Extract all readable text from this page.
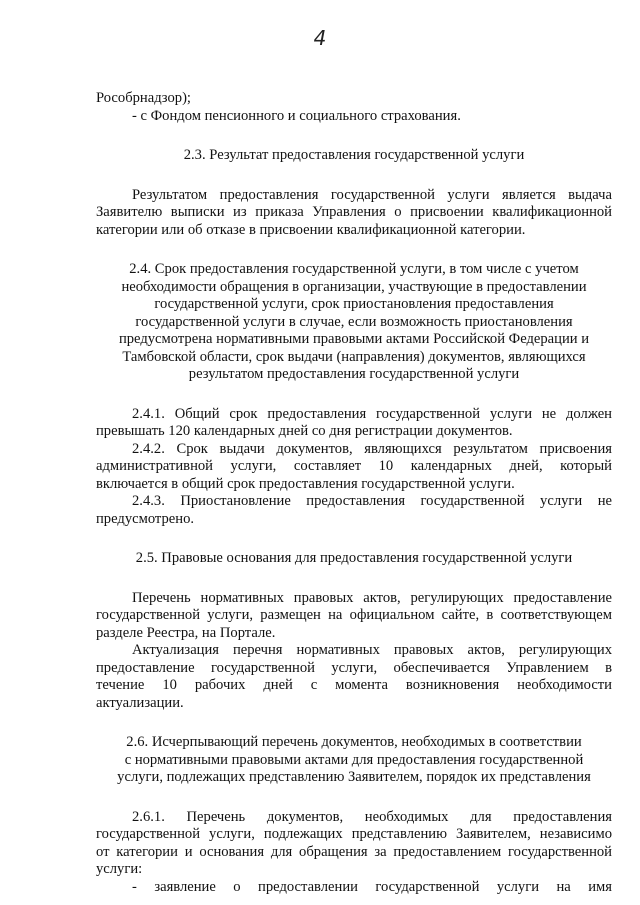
4

Рособрнадзор);

- с Фондом пенсионного и социального страхования.

2.3. Результат предоставления государственной услуги

Результатом предоставления государственной услуги является выдача

Заявителю выписки из приказа Управления о присвоении квалификационной

категории или об отказе в присвоении квалификационной категории.

2.4. Срок предоставления государственной услуги, в том числе с учетом
необходимости обращения в организации, участвующие в предоставлении
государственной услуги, срок приостановления предоставления
государственной услуги в случае, если возможность приостановления
предусмотрена нормативными правовыми актами Российской Федерации и
Тамбовской области, срок выдачи (направления) документов, являющихся
результатом предоставления государственной услуги

2.4.1. Общий срок предоставления государственной услуги не должен

превышать 120 календарных дней со дня регистрации документов.

2.4.2. Срок выдачи документов, являющихся результатом присвоения

административной услуги, составляет 10 календарных дней, который

включается в общий срок предоставления государственной услуги.

2.4.3. Приостановление предоставления государственной услуги не

предусмотрено.

2.5. Правовые основания для предоставления государственной услуги

Перечень нормативных правовых актов, регулирующих предоставление

государственной услуги, размещен на официальном сайте, в соответствующем

разделе Реестра, на Портале.

Актуализация перечня нормативных правовых актов, регулирующих

предоставление государственной услуги, обеспечивается Управлением в

течение 10 рабочих дней с момента возникновения необходимости

актуализации.

2.6. Исчерпывающий перечень документов, необходимых в соответствии
с нормативными правовыми актами для предоставления государственной
услуги, подлежащих представлению Заявителем, порядок их представления

2.6.1. Перечень документов, необходимых для предоставления

государственной услуги, подлежащих представлению Заявителем, независимо

от категории и основания для обращения за предоставлением государственной

услуги:

- заявление о предоставлении государственной услуги на имя
